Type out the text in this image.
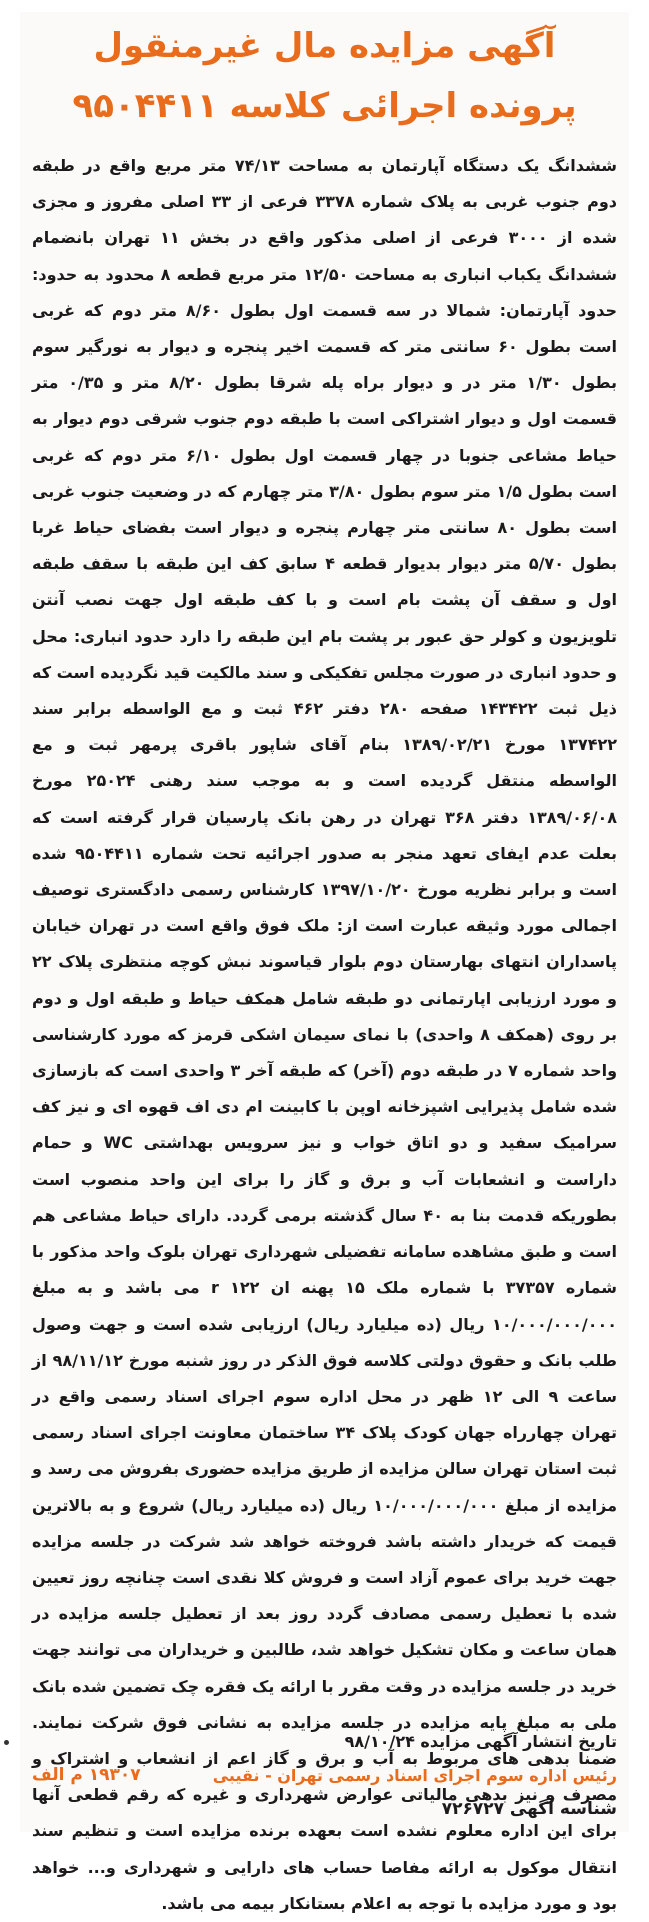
آگهی مزایده مال غیرمنقول
پرونده اجرائی کلاسه ۹۵۰۴۴۱۱
ششدانگ یک دستگاه آپارتمان به مساحت ۷۴/۱۳ متر مربع واقع در طبقه دوم جنوب غربی به پلاک شماره ۳۳۷۸ فرعی از ۳۳ اصلی مفروز و مجزی شده از ۳۰۰۰ فرعی از اصلی مذکور واقع در بخش ۱۱ تهران بانضمام ششدانگ یکباب انباری به مساحت ۱۲/۵۰ متر مربع قطعه ۸ محدود به حدود: حدود آپارتمان: شمالا در سه قسمت اول بطول ۸/۶۰ متر دوم که غربی است بطول ۶۰ سانتی متر که قسمت اخیر پنجره و دیوار به نورگیر سوم بطول ۱/۳۰ متر در و دیوار براه پله شرقا بطول ۸/۲۰ متر و ۰/۳۵ متر قسمت اول و دیوار اشتراکی است با طبقه دوم جنوب شرقی دوم دیوار به حیاط مشاعی جنوبا در چهار قسمت اول بطول ۶/۱۰ متر دوم که غربی است بطول ۱/۵ متر سوم بطول ۳/۸۰ متر چهارم که در وضعیت جنوب غربی است بطول ۸۰ سانتی متر چهارم پنجره و دیوار است بفضای حیاط غربا بطول ۵/۷۰ متر دیوار بدیوار قطعه ۴ سابق کف این طبقه با سقف طبقه اول و سقف آن پشت بام است و با کف طبقه اول جهت نصب آنتن تلویزیون و کولر حق عبور بر پشت بام این طبقه را دارد حدود انباری: محل و حدود انباری در صورت مجلس تفکیکی و سند مالکیت قید نگردیده است که ذیل ثبت ۱۴۳۴۲۲ صفحه ۲۸۰ دفتر ۴۶۲ ثبت و مع الواسطه برابر سند ۱۳۷۴۲۲ مورخ ۱۳۸۹/۰۲/۲۱ بنام آقای شاپور باقری پرمهر ثبت و مع الواسطه منتقل گردیده است و به موجب سند رهنی ۲۵۰۲۴ مورخ ۱۳۸۹/۰۶/۰۸ دفتر ۳۶۸ تهران در رهن بانک پارسیان قرار گرفته است که بعلت عدم ایفای تعهد منجر به صدور اجرائیه تحت شماره ۹۵۰۴۴۱۱ شده است و برابر نظریه مورخ ۱۳۹۷/۱۰/۲۰ کارشناس رسمی دادگستری توصیف اجمالی مورد وثیقه عبارت است از: ملک فوق واقع است در تهران خیابان پاسداران انتهای بهارستان دوم بلوار قیاسوند نبش کوچه منتظری پلاک ۲۲ و مورد ارزیابی اپارتمانی دو طبقه شامل همکف حیاط و طبقه اول و دوم بر روی (همکف ۸ واحدی) با نمای سیمان اشکی قرمز که مورد کارشناسی واحد شماره ۷ در طبقه دوم (آخر) که طبقه آخر ۳ واحدی است که بازسازی شده شامل پذیرایی اشپزخانه اوپن با کابینت ام دی اف قهوه ای و نیز کف سرامیک سفید و دو اتاق خواب و نیز سرویس بهداشتی WC و حمام داراست و انشعابات آب و برق و گاز را برای این واحد منصوب است بطوریکه قدمت بنا به ۴۰ سال گذشته برمی گردد. دارای حیاط مشاعی هم است و طبق مشاهده سامانه تفضیلی شهرداری تهران بلوک واحد مذکور با شماره ۳۷۳۵۷ با شماره ملک ۱۵ پهنه ان r ۱۲۲ می باشد و به مبلغ ۱۰/۰۰۰/۰۰۰/۰۰۰ ریال (ده میلیارد ریال) ارزیابی شده است و جهت وصول طلب بانک و حقوق دولتی کلاسه فوق الذکر در روز شنبه مورخ ۹۸/۱۱/۱۲ از ساعت ۹ الی ۱۲ ظهر در محل اداره سوم اجرای اسناد رسمی واقع در تهران چهارراه جهان کودک پلاک ۳۴ ساختمان معاونت اجرای اسناد رسمی ثبت استان تهران سالن مزایده از طریق مزایده حضوری بفروش می رسد و مزایده از مبلغ ۱۰/۰۰۰/۰۰۰/۰۰۰ ریال (ده میلیارد ریال) شروع و به بالاترین قیمت که خریدار داشته باشد فروخته خواهد شد شرکت در جلسه مزایده جهت خرید برای عموم آزاد است و فروش کلا نقدی است چنانچه روز تعیین شده با تعطیل رسمی مصادف گردد روز بعد از تعطیل جلسه مزایده در همان ساعت و مکان تشکیل خواهد شد، طالبین و خریداران می توانند جهت خرید در جلسه مزایده در وقت مقرر با ارائه یک فقره چک تضمین شده بانک ملی به مبلغ پایه مزایده در جلسه مزایده به نشانی فوق شرکت نمایند. ضمنا بدهی های مربوط به آب و برق و گاز اعم از انشعاب و اشتراک و مصرف و نیز بدهی مالیاتی عوارض شهرداری و غیره که رقم قطعی آنها برای این اداره معلوم نشده است بعهده برنده مزایده است و تنظیم سند انتقال موکول به ارائه مفاصا حساب های دارایی و شهرداری و... خواهد بود و مورد مزایده با توجه به اعلام بستانکار بیمه می باشد.
تاریخ انتشار آگهی مزایده ۹۸/۱۰/۲۴
رئیس اداره سوم اجرای اسناد رسمی تهران - نقیبی
۱۹۳۰۷ م الف
شناسه آگهی ۷۲۶۷۲۷
